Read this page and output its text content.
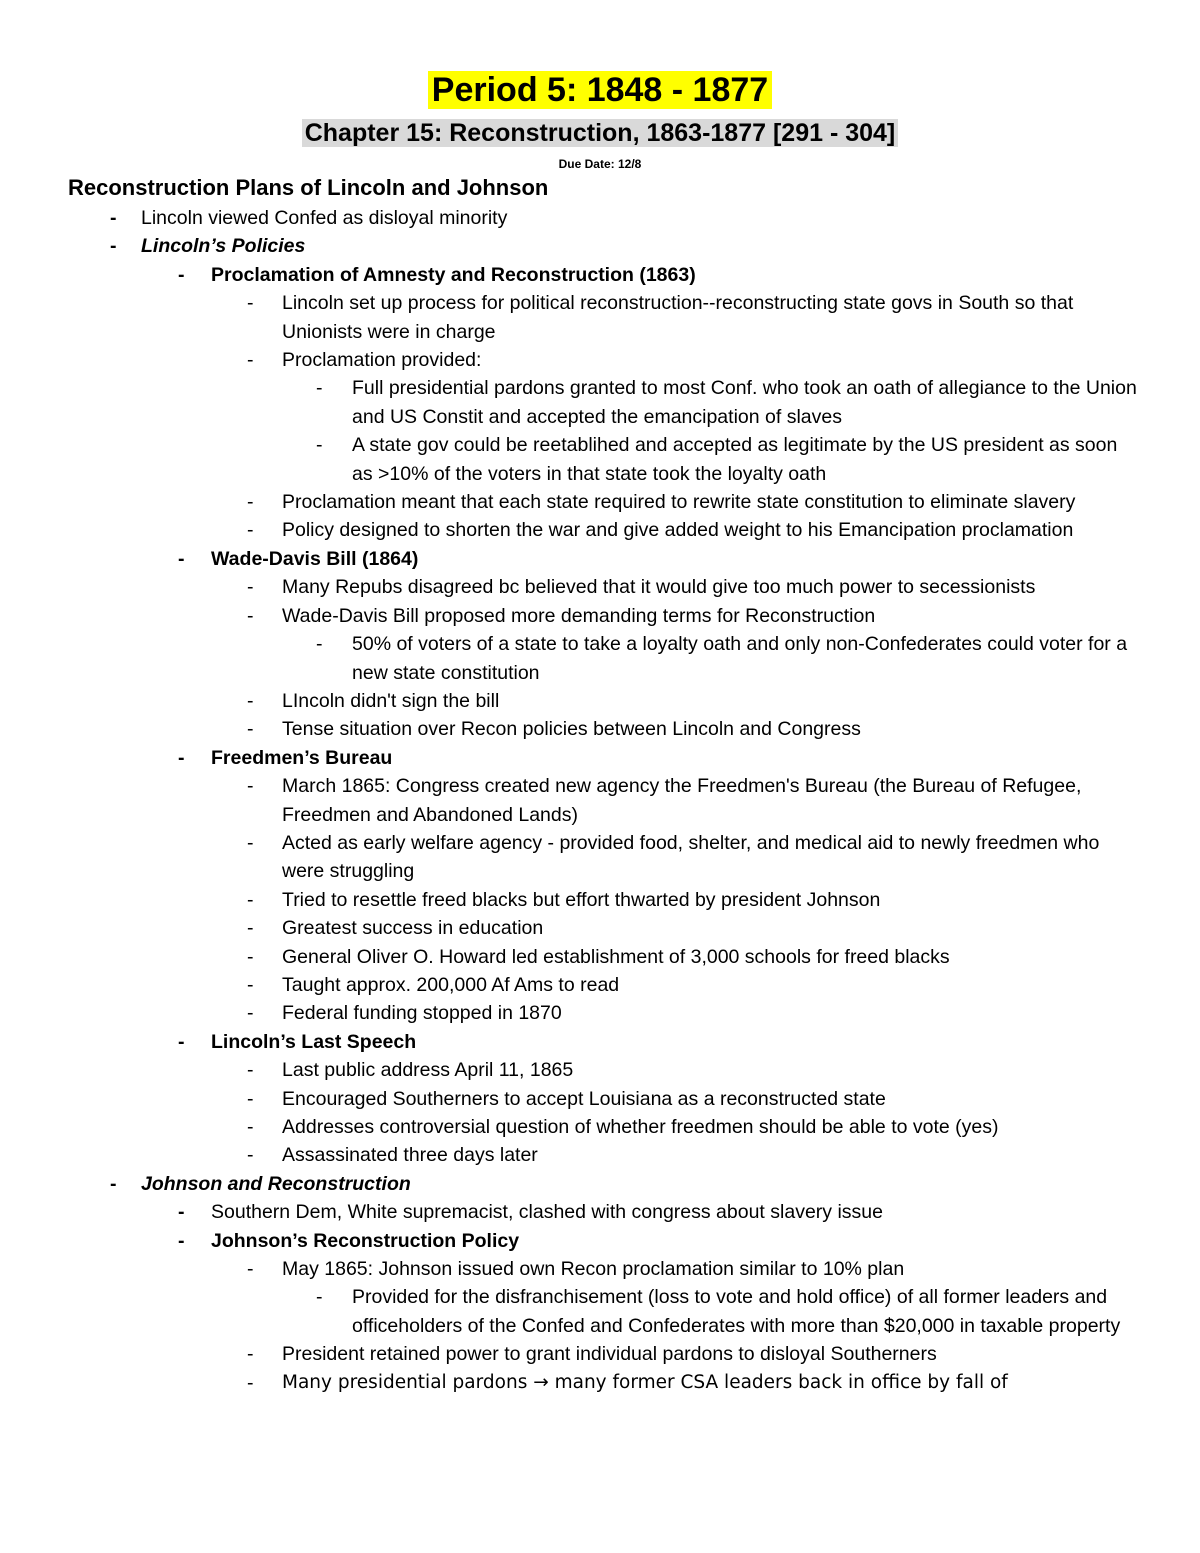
Period 5: 1848 - 1877
Chapter 15: Reconstruction, 1863-1877 [291 - 304]
Due Date: 12/8
Reconstruction Plans of Lincoln and Johnson
- Lincoln viewed Confed as disloyal minority
- Lincoln’s Policies
- Proclamation of Amnesty and Reconstruction (1863)
- Lincoln set up process for political reconstruction--reconstructing state govs in South so that Unionists were in charge
- Proclamation provided:
- Full presidential pardons granted to most Conf. who took an oath of allegiance to the Union and US Constit and accepted the emancipation of slaves
- A state gov could be reetablihed and accepted as legitimate by the US president as soon as >10% of the voters in that state took the loyalty oath
- Proclamation meant that each state required to rewrite state constitution to eliminate slavery
- Policy designed to shorten the war and give added weight to his Emancipation proclamation
- Wade-Davis Bill (1864)
- Many Repubs disagreed bc believed that it would give too much power to secessionists
- Wade-Davis Bill proposed more demanding terms for Reconstruction
- 50% of voters of a state to take a loyalty oath and only non-Confederates could voter for a new state constitution
- LIncoln didn't sign the bill
- Tense situation over Recon policies between Lincoln and Congress
- Freedmen’s Bureau
- March 1865: Congress created new agency the Freedmen's Bureau (the Bureau of Refugee, Freedmen and Abandoned Lands)
- Acted as early welfare agency - provided food, shelter, and medical aid to newly freedmen who were struggling
- Tried to resettle freed blacks but effort thwarted by president Johnson
- Greatest success in education
- General Oliver O. Howard led establishment of 3,000 schools for freed blacks
- Taught approx. 200,000 Af Ams to read
- Federal funding stopped in 1870
- Lincoln’s Last Speech
- Last public address April 11, 1865
- Encouraged Southerners to accept Louisiana as a reconstructed state
- Addresses controversial question of whether freedmen should be able to vote (yes)
- Assassinated three days later
- Johnson and Reconstruction
- Southern Dem, White supremacist, clashed with congress about slavery issue
- Johnson’s Reconstruction Policy
- May 1865: Johnson issued own Recon proclamation similar to 10% plan
- Provided for the disfranchisement (loss to vote and hold office) of all former leaders and officeholders of the Confed and Confederates with more than $20,000 in taxable property
- President retained power to grant individual pardons to disloyal Southerners
- Many presidential pardons → many former CSA leaders back in office by fall of
